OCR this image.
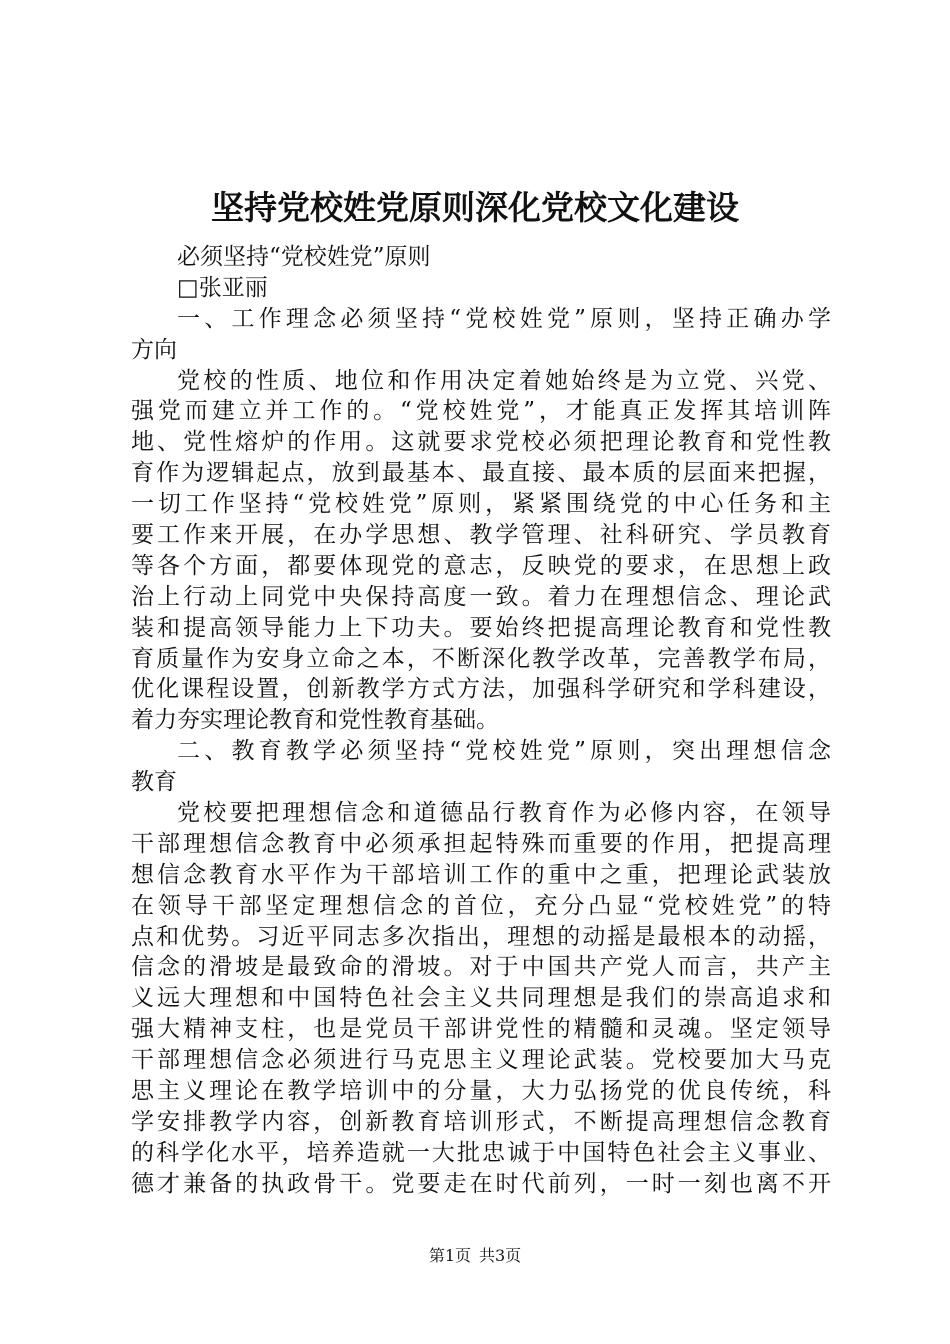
坚持党校姓党原则深化党校文化建设
必须坚持“党校姓党”原则
□张亚丽
一、工作理念必须坚持“党校姓党”原则，坚持正确办学
方向
党校的性质、地位和作用决定着她始终是为立党、兴党、
强党而建立并工作的。“党校姓党”，才能真正发挥其培训阵
地、党性熔炉的作用。这就要求党校必须把理论教育和党性教
育作为逻辑起点，放到最基本、最直接、最本质的层面来把握，
一切工作坚持“党校姓党”原则，紧紧围绕党的中心任务和主
要工作来开展，在办学思想、教学管理、社科研究、学员教育
等各个方面，都要体现党的意志，反映党的要求，在思想上政
治上行动上同党中央保持高度一致。着力在理想信念、理论武
装和提高领导能力上下功夫。要始终把提高理论教育和党性教
育质量作为安身立命之本，不断深化教学改革，完善教学布局，
优化课程设置，创新教学方式方法，加强科学研究和学科建设，
着力夯实理论教育和党性教育基础。
二、教育教学必须坚持“党校姓党”原则，突出理想信念
教育
党校要把理想信念和道德品行教育作为必修内容，在领导
干部理想信念教育中必须承担起特殊而重要的作用，把提高理
想信念教育水平作为干部培训工作的重中之重，把理论武装放
在领导干部坚定理想信念的首位，充分凸显“党校姓党”的特
点和优势。习近平同志多次指出，理想的动摇是最根本的动摇，
信念的滑坡是最致命的滑坡。对于中国共产党人而言，共产主
义远大理想和中国特色社会主义共同理想是我们的崇高追求和
强大精神支柱，也是党员干部讲党性的精髓和灵魂。坚定领导
干部理想信念必须进行马克思主义理论武装。党校要加大马克
思主义理论在教学培训中的分量，大力弘扬党的优良传统，科
学安排教学内容，创新教育培训形式，不断提高理想信念教育
的科学化水平，培养造就一大批忠诚于中国特色社会主义事业、
德才兼备的执政骨干。党要走在时代前列，一时一刻也离不开
第1页 共3页
